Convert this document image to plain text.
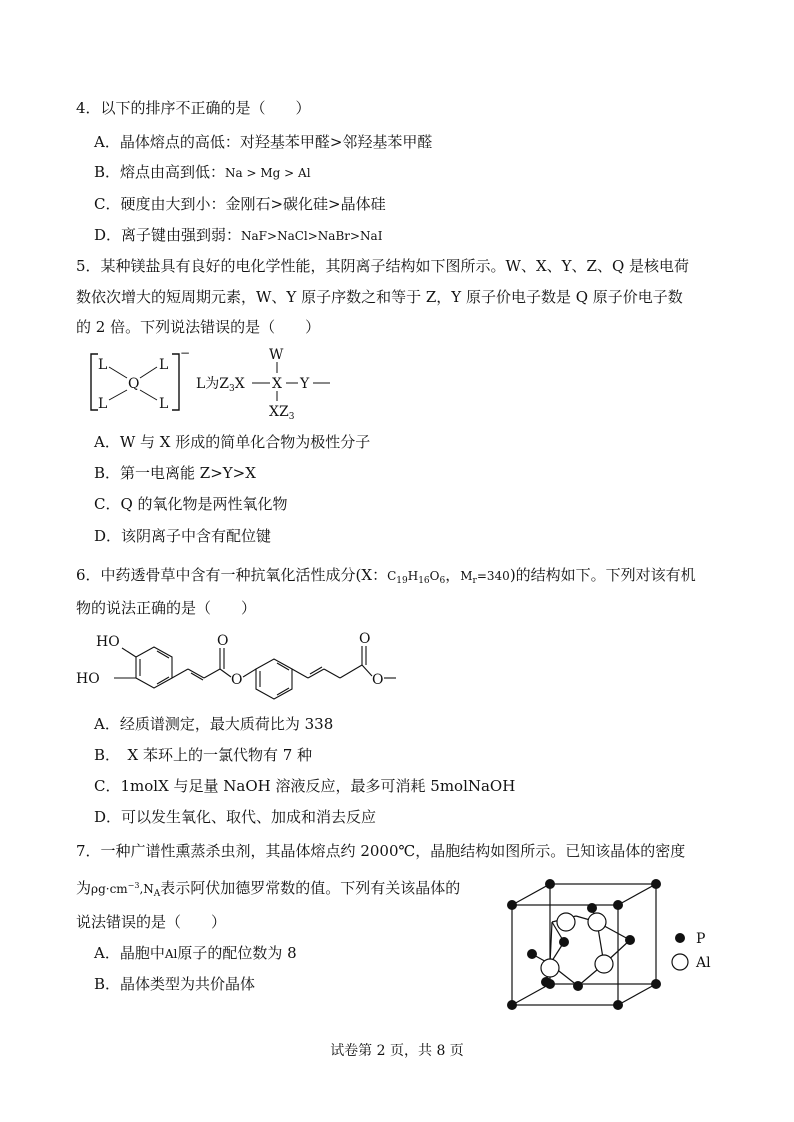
4．以下的排序不正确的是（　　）
A．晶体熔点的高低：对羟基苯甲醛>邻羟基苯甲醛
B．熔点由高到低：Na > Mg > Al
C．硬度由大到小：金刚石>碳化硅>晶体硅
D．离子键由强到弱：NaF>NaCl>NaBr>NaI
5．某种镁盐具有良好的电化学性能，其阴离子结构如下图所示。W、X、Y、Z、Q 是核电荷
数依次增大的短周期元素，W、Y 原子序数之和等于 Z，Y 原子价电子数是 Q 原子价电子数
的 2 倍。下列说法错误的是（　　）
L	L
L	L
Q
−
L为$Z_3X$ X Y
W
$XZ_3$
A．W 与 X 形成的简单化合物为极性分子
B．第一电离能 Z>Y>X
C．Q 的氧化物是两性氧化物
D．该阴离子中含有配位键
6．中药透骨草中含有一种抗氧化活性成分(X：$C_{19}H_{16}O_6$，$M_r=340$)的结构如下。下列对该有机
物的说法正确的是（　　）
HO
HO
O
O
O
O
A．经质谱测定，最大质荷比为 338
B．　X 苯环上的一氯代物有 7 种
C．1molX 与足量 NaOH 溶液反应，最多可消耗 5molNaOH
D．可以发生氧化、取代、加成和消去反应
7．一种广谱性熏蒸杀虫剂，其晶体熔点约 2000℃，晶胞结构如图所示。已知该晶体的密度
为$\rho g\cdot cm^{-3},N_A$表示阿伏加德罗常数的值。下列有关该晶体的
说法错误的是（　　）
A．晶胞中Al原子的配位数为 8
B．晶体类型为共价晶体
P
Al
试卷第 2 页，共 8 页
